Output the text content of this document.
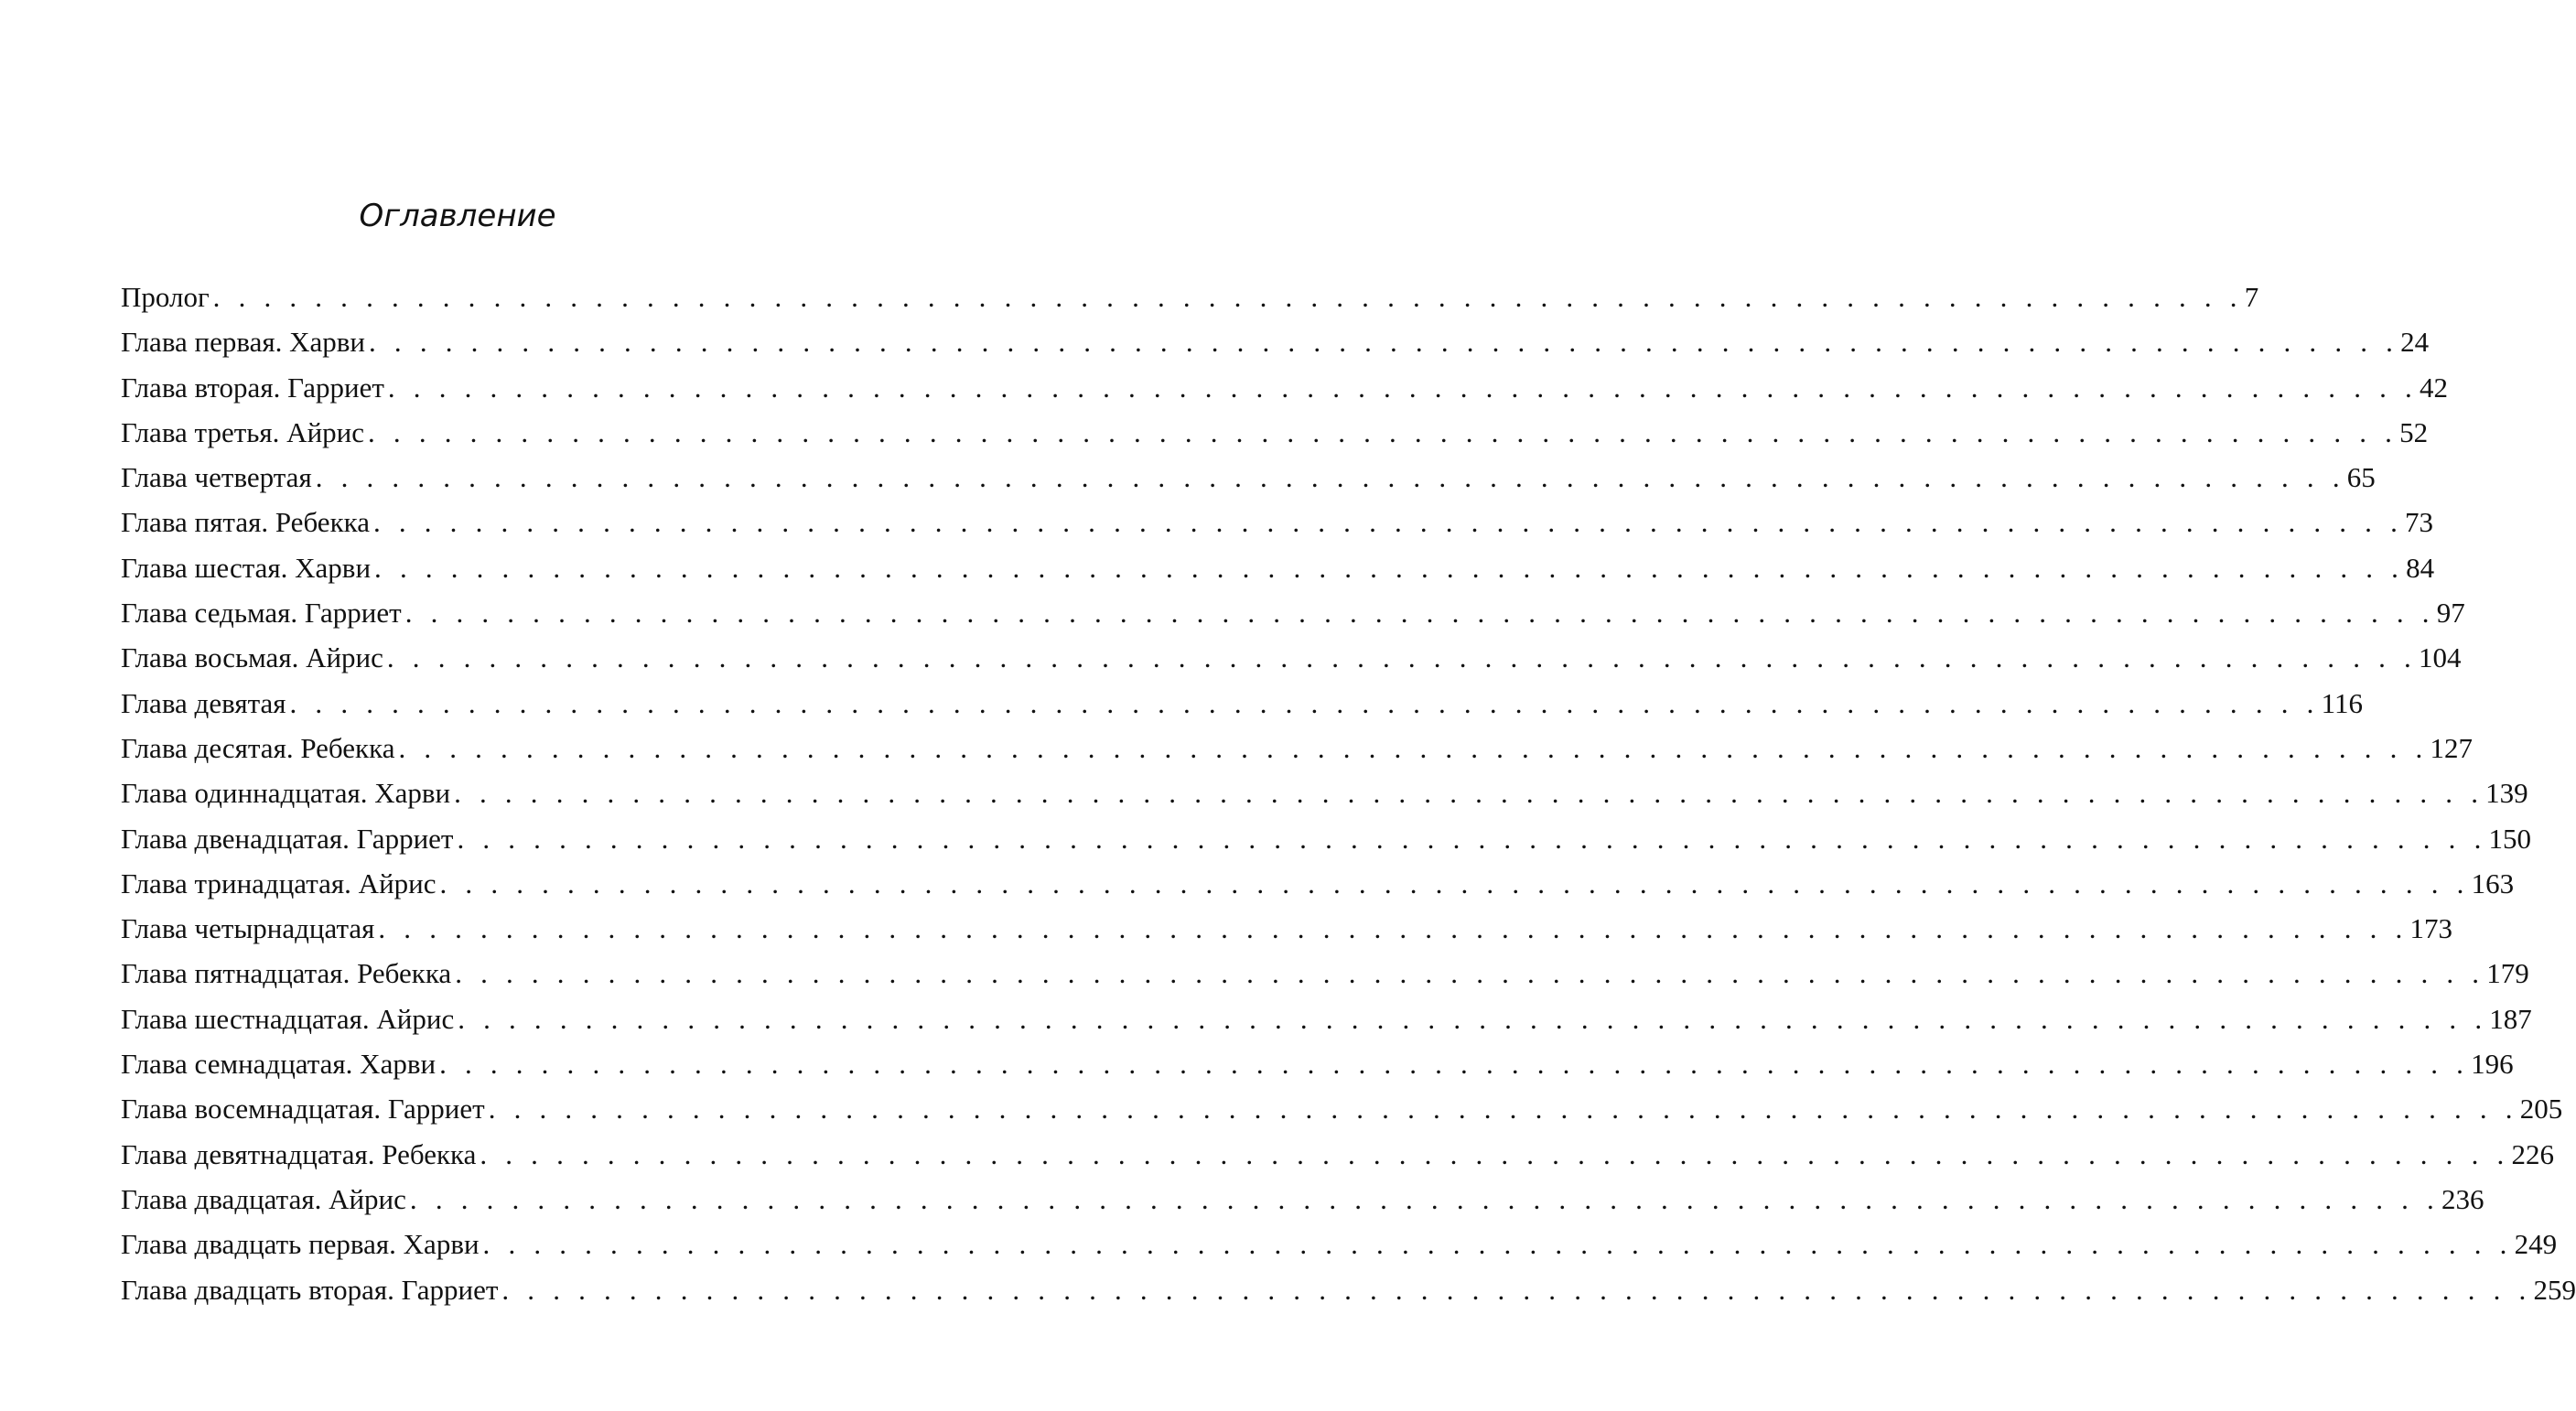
Оглавление
Пролог . . . . . . . . . . . . . . . . . . . . . . . . . . . . . . . . . . . . . . . . . . . . . . . . . . . . . . . . . . . . . . . . . . . . . . . . . . . . . . . . 7
Глава первая. Харви . . . . . . . . . . . . . . . . . . . . . . . . . . . . . . . . . . . . . . . . . . . . . . . . . . . . . . . . . . . . . . . . . . . . . . . . . . . . . . . . 24
Глава вторая. Гарриет . . . . . . . . . . . . . . . . . . . . . . . . . . . . . . . . . . . . . . . . . . . . . . . . . . . . . . . . . . . . . . . . . . . . . . . . . . . . . . . . 42
Глава третья. Айрис . . . . . . . . . . . . . . . . . . . . . . . . . . . . . . . . . . . . . . . . . . . . . . . . . . . . . . . . . . . . . . . . . . . . . . . . . . . . . . . . 52
Глава четвертая . . . . . . . . . . . . . . . . . . . . . . . . . . . . . . . . . . . . . . . . . . . . . . . . . . . . . . . . . . . . . . . . . . . . . . . . . . . . . . . . 65
Глава пятая. Ребекка . . . . . . . . . . . . . . . . . . . . . . . . . . . . . . . . . . . . . . . . . . . . . . . . . . . . . . . . . . . . . . . . . . . . . . . . . . . . . . . . 73
Глава шестая. Харви . . . . . . . . . . . . . . . . . . . . . . . . . . . . . . . . . . . . . . . . . . . . . . . . . . . . . . . . . . . . . . . . . . . . . . . . . . . . . . . . 84
Глава седьмая. Гарриет . . . . . . . . . . . . . . . . . . . . . . . . . . . . . . . . . . . . . . . . . . . . . . . . . . . . . . . . . . . . . . . . . . . . . . . . . . . . . . . . 97
Глава восьмая. Айрис . . . . . . . . . . . . . . . . . . . . . . . . . . . . . . . . . . . . . . . . . . . . . . . . . . . . . . . . . . . . . . . . . . . . . . . . . . . . . . . . 104
Глава девятая . . . . . . . . . . . . . . . . . . . . . . . . . . . . . . . . . . . . . . . . . . . . . . . . . . . . . . . . . . . . . . . . . . . . . . . . . . . . . . . . 116
Глава десятая. Ребекка . . . . . . . . . . . . . . . . . . . . . . . . . . . . . . . . . . . . . . . . . . . . . . . . . . . . . . . . . . . . . . . . . . . . . . . . . . . . . . . . 127
Глава одиннадцатая. Харви . . . . . . . . . . . . . . . . . . . . . . . . . . . . . . . . . . . . . . . . . . . . . . . . . . . . . . . . . . . . . . . . . . . . . . . . . . . . . . . . 139
Глава двенадцатая. Гарриет . . . . . . . . . . . . . . . . . . . . . . . . . . . . . . . . . . . . . . . . . . . . . . . . . . . . . . . . . . . . . . . . . . . . . . . . . . . . . . . . 150
Глава тринадцатая. Айрис . . . . . . . . . . . . . . . . . . . . . . . . . . . . . . . . . . . . . . . . . . . . . . . . . . . . . . . . . . . . . . . . . . . . . . . . . . . . . . . . 163
Глава четырнадцатая . . . . . . . . . . . . . . . . . . . . . . . . . . . . . . . . . . . . . . . . . . . . . . . . . . . . . . . . . . . . . . . . . . . . . . . . . . . . . . . . 173
Глава пятнадцатая. Ребекка . . . . . . . . . . . . . . . . . . . . . . . . . . . . . . . . . . . . . . . . . . . . . . . . . . . . . . . . . . . . . . . . . . . . . . . . . . . . . . . . 179
Глава шестнадцатая. Айрис . . . . . . . . . . . . . . . . . . . . . . . . . . . . . . . . . . . . . . . . . . . . . . . . . . . . . . . . . . . . . . . . . . . . . . . . . . . . . . . . 187
Глава семнадцатая. Харви . . . . . . . . . . . . . . . . . . . . . . . . . . . . . . . . . . . . . . . . . . . . . . . . . . . . . . . . . . . . . . . . . . . . . . . . . . . . . . . . 196
Глава восемнадцатая. Гарриет . . . . . . . . . . . . . . . . . . . . . . . . . . . . . . . . . . . . . . . . . . . . . . . . . . . . . . . . . . . . . . . . . . . . . . . . . . . . . . . . 205
Глава девятнадцатая. Ребекка . . . . . . . . . . . . . . . . . . . . . . . . . . . . . . . . . . . . . . . . . . . . . . . . . . . . . . . . . . . . . . . . . . . . . . . . . . . . . . . . 226
Глава двадцатая. Айрис . . . . . . . . . . . . . . . . . . . . . . . . . . . . . . . . . . . . . . . . . . . . . . . . . . . . . . . . . . . . . . . . . . . . . . . . . . . . . . . . 236
Глава двадцать первая. Харви . . . . . . . . . . . . . . . . . . . . . . . . . . . . . . . . . . . . . . . . . . . . . . . . . . . . . . . . . . . . . . . . . . . . . . . . . . . . . . . . 249
Глава двадцать вторая. Гарриет . . . . . . . . . . . . . . . . . . . . . . . . . . . . . . . . . . . . . . . . . . . . . . . . . . . . . . . . . . . . . . . . . . . . . . . . . . . . . . . . 259
